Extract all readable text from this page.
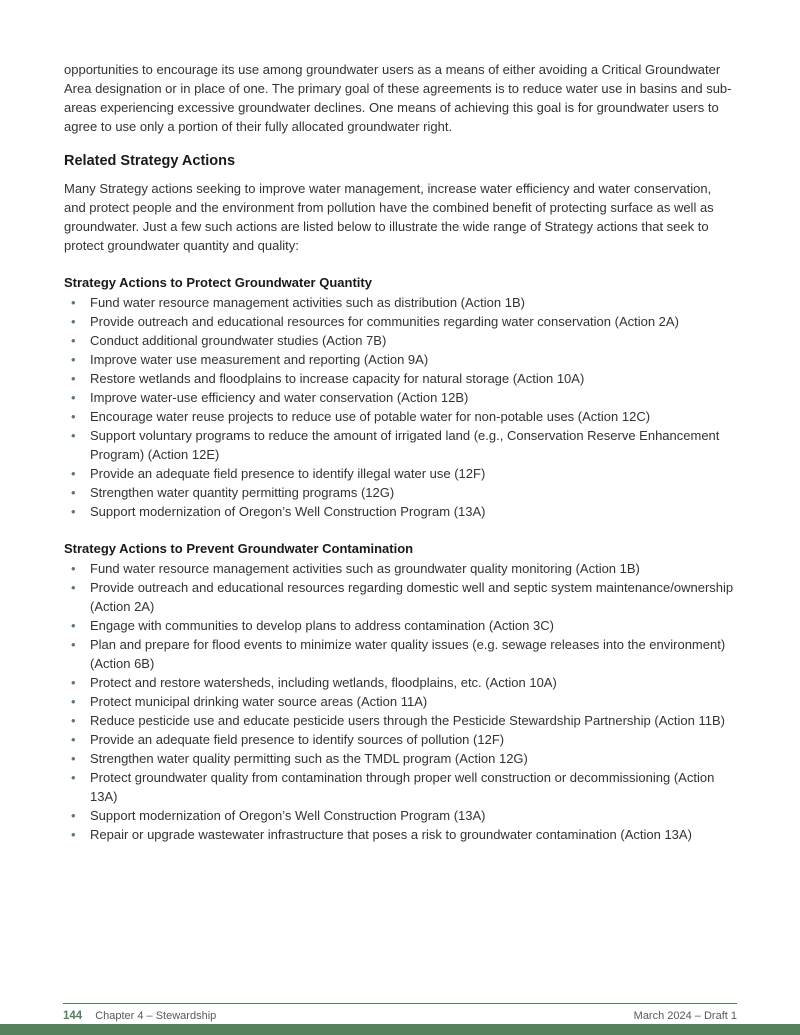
opportunities to encourage its use among groundwater users as a means of either avoiding a Critical Groundwater Area designation or in place of one. The primary goal of these agreements is to reduce water use in basins and sub-areas experiencing excessive groundwater declines. One means of achieving this goal is for groundwater users to agree to use only a portion of their fully allocated groundwater right.

Related Strategy Actions

Many Strategy actions seeking to improve water management, increase water efficiency and water conservation, and protect people and the environment from pollution have the combined benefit of protecting surface as well as groundwater. Just a few such actions are listed below to illustrate the wide range of Strategy actions that seek to protect groundwater quantity and quality:

Strategy Actions to Protect Groundwater Quantity
• Fund water resource management activities such as distribution (Action 1B)
• Provide outreach and educational resources for communities regarding water conservation (Action 2A)
• Conduct additional groundwater studies (Action 7B)
• Improve water use measurement and reporting (Action 9A)
• Restore wetlands and floodplains to increase capacity for natural storage (Action 10A)
• Improve water-use efficiency and water conservation (Action 12B)
• Encourage water reuse projects to reduce use of potable water for non-potable uses (Action 12C)
• Support voluntary programs to reduce the amount of irrigated land (e.g., Conservation Reserve Enhancement Program) (Action 12E)
• Provide an adequate field presence to identify illegal water use (12F)
• Strengthen water quantity permitting programs (12G)
• Support modernization of Oregon’s Well Construction Program (13A)
Strategy Actions to Prevent Groundwater Contamination
• Fund water resource management activities such as groundwater quality monitoring (Action 1B)
• Provide outreach and educational resources regarding domestic well and septic system maintenance/ownership (Action 2A)
• Engage with communities to develop plans to address contamination (Action 3C)
• Plan and prepare for flood events to minimize water quality issues (e.g. sewage releases into the environment) (Action 6B)
• Protect and restore watersheds, including wetlands, floodplains, etc. (Action 10A)
• Protect municipal drinking water source areas (Action 11A)
• Reduce pesticide use and educate pesticide users through the Pesticide Stewardship Partnership (Action 11B)
• Provide an adequate field presence to identify sources of pollution (12F)
• Strengthen water quality permitting such as the TMDL program (Action 12G)
• Protect groundwater quality from contamination through proper well construction or decommissioning (Action 13A)
• Support modernization of Oregon’s Well Construction Program (13A)
• Repair or upgrade wastewater infrastructure that poses a risk to groundwater contamination (Action 13A)
144 Chapter 4 – Stewardship	March 2024 – Draft 1
